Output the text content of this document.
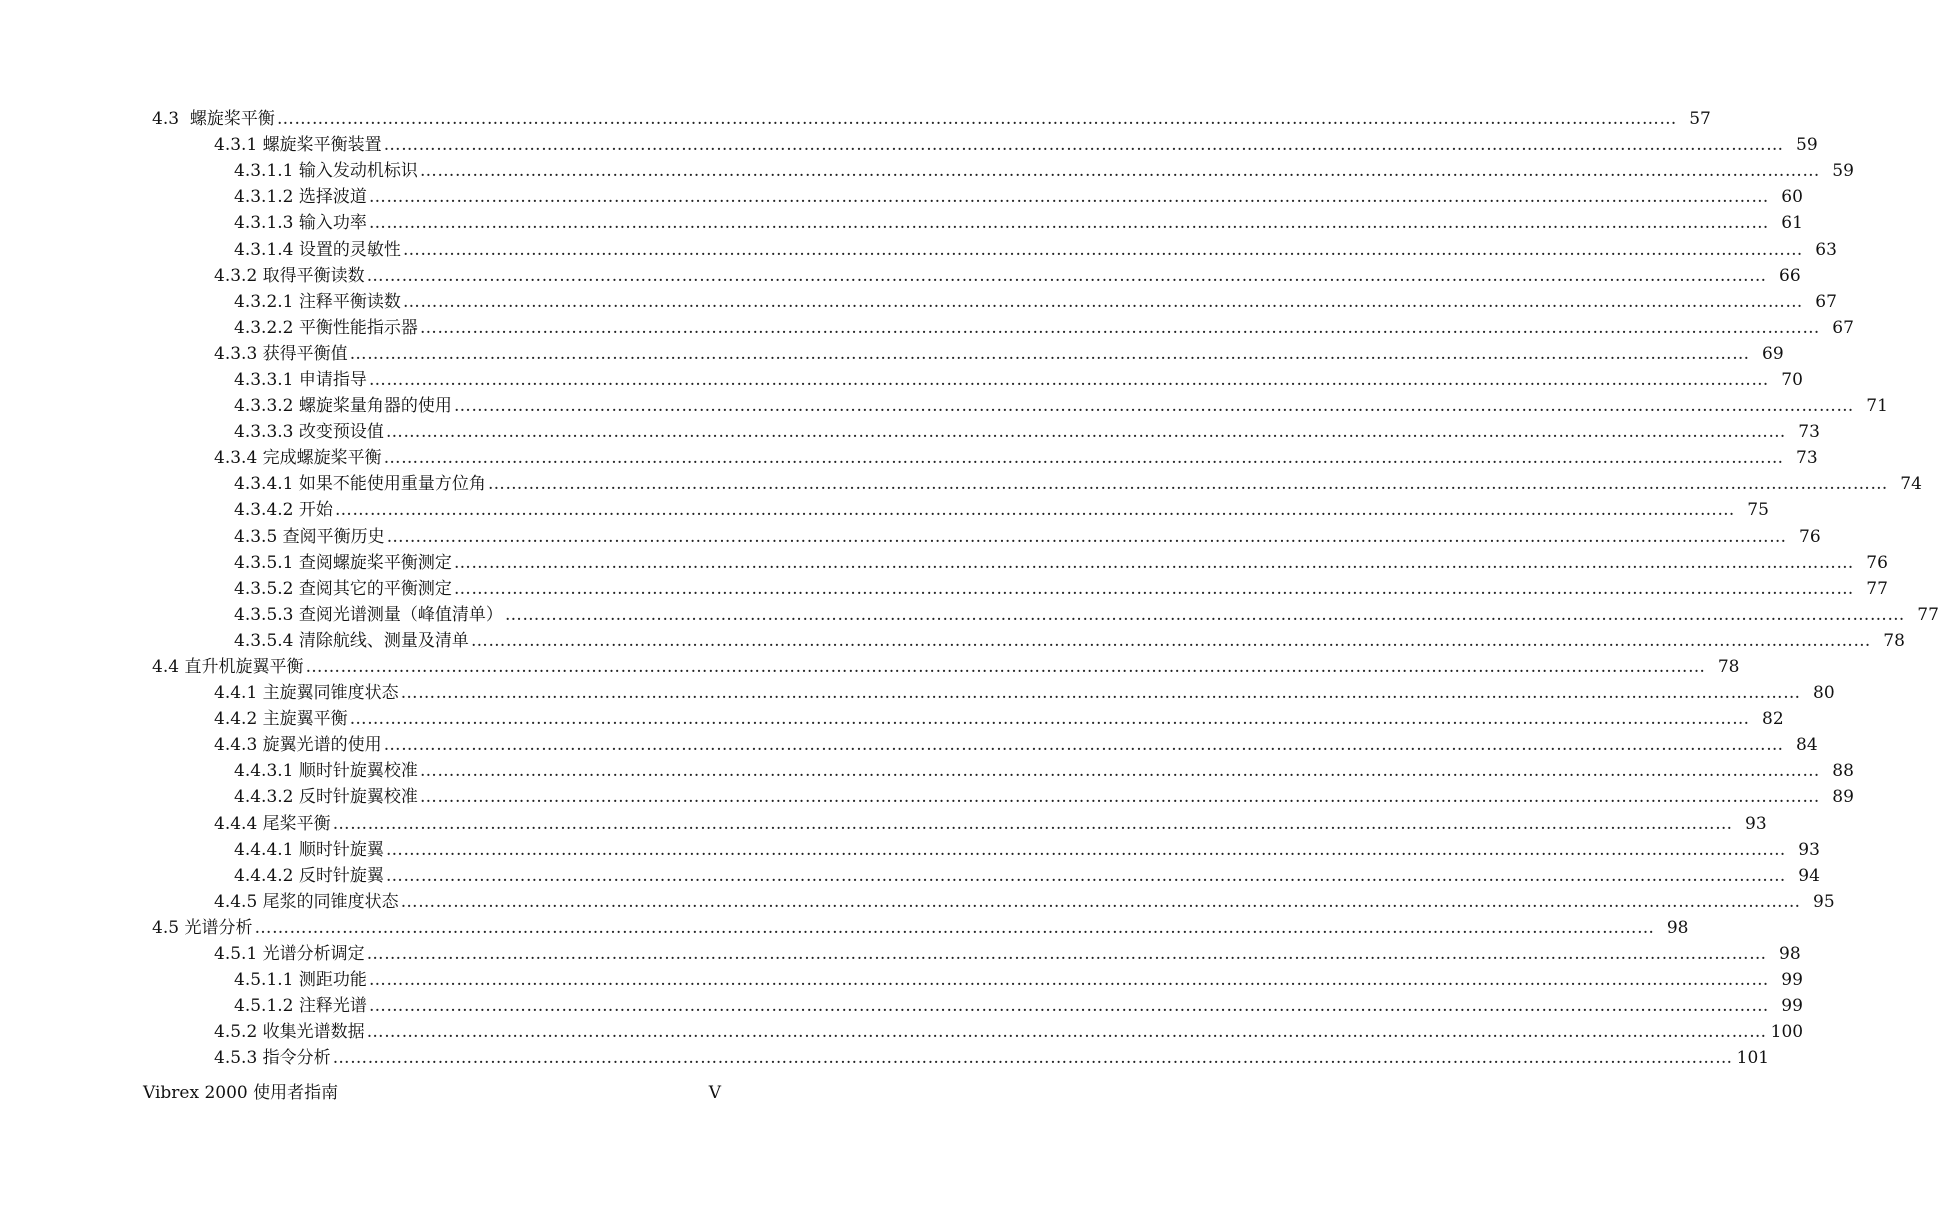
4.3  螺旋桨平衡 …………………………………………………………………………………………………………………………………………………………………………………………………………………… 57
4.3.1 螺旋桨平衡装置 …………………………………………………………………………………………………………………………………………………………………………………………………………………… 59
4.3.1.1 输入发动机标识 …………………………………………………………………………………………………………………………………………………………………………………………………………………… 59
4.3.1.2 选择波道 …………………………………………………………………………………………………………………………………………………………………………………………………………………… 60
4.3.1.3 输入功率 …………………………………………………………………………………………………………………………………………………………………………………………………………………… 61
4.3.1.4 设置的灵敏性 …………………………………………………………………………………………………………………………………………………………………………………………………………………… 63
4.3.2 取得平衡读数 …………………………………………………………………………………………………………………………………………………………………………………………………………………… 66
4.3.2.1 注释平衡读数 …………………………………………………………………………………………………………………………………………………………………………………………………………………… 67
4.3.2.2 平衡性能指示器 …………………………………………………………………………………………………………………………………………………………………………………………………………………… 67
4.3.3 获得平衡值 …………………………………………………………………………………………………………………………………………………………………………………………………………………… 69
4.3.3.1 申请指导 …………………………………………………………………………………………………………………………………………………………………………………………………………………… 70
4.3.3.2 螺旋桨量角器的使用 …………………………………………………………………………………………………………………………………………………………………………………………………………………… 71
4.3.3.3 改变预设值 …………………………………………………………………………………………………………………………………………………………………………………………………………………… 73
4.3.4 完成螺旋桨平衡 …………………………………………………………………………………………………………………………………………………………………………………………………………………… 73
4.3.4.1 如果不能使用重量方位角 …………………………………………………………………………………………………………………………………………………………………………………………………………………… 74
4.3.4.2 开始 …………………………………………………………………………………………………………………………………………………………………………………………………………………… 75
4.3.5 查阅平衡历史 …………………………………………………………………………………………………………………………………………………………………………………………………………………… 76
4.3.5.1 查阅螺旋桨平衡测定 …………………………………………………………………………………………………………………………………………………………………………………………………………………… 76
4.3.5.2 查阅其它的平衡测定 …………………………………………………………………………………………………………………………………………………………………………………………………………………… 77
4.3.5.3 查阅光谱测量（峰值清单） …………………………………………………………………………………………………………………………………………………………………………………………………………………… 77
4.3.5.4 清除航线、测量及清单 …………………………………………………………………………………………………………………………………………………………………………………………………………………… 78
4.4 直升机旋翼平衡 …………………………………………………………………………………………………………………………………………………………………………………………………………………… 78
4.4.1 主旋翼同锥度状态 …………………………………………………………………………………………………………………………………………………………………………………………………………………… 80
4.4.2 主旋翼平衡 …………………………………………………………………………………………………………………………………………………………………………………………………………………… 82
4.4.3 旋翼光谱的使用 …………………………………………………………………………………………………………………………………………………………………………………………………………………… 84
4.4.3.1 顺时针旋翼校准 …………………………………………………………………………………………………………………………………………………………………………………………………………………… 88
4.4.3.2 反时针旋翼校准 …………………………………………………………………………………………………………………………………………………………………………………………………………………… 89
4.4.4 尾桨平衡 …………………………………………………………………………………………………………………………………………………………………………………………………………………… 93
4.4.4.1 顺时针旋翼 …………………………………………………………………………………………………………………………………………………………………………………………………………………… 93
4.4.4.2 反时针旋翼 …………………………………………………………………………………………………………………………………………………………………………………………………………………… 94
4.4.5 尾浆的同锥度状态 …………………………………………………………………………………………………………………………………………………………………………………………………………………… 95
4.5 光谱分析 …………………………………………………………………………………………………………………………………………………………………………………………………………………… 98
4.5.1 光谱分析调定 …………………………………………………………………………………………………………………………………………………………………………………………………………………… 98
4.5.1.1 测距功能 …………………………………………………………………………………………………………………………………………………………………………………………………………………… 99
4.5.1.2 注释光谱 …………………………………………………………………………………………………………………………………………………………………………………………………………………… 99
4.5.2 收集光谱数据 …………………………………………………………………………………………………………………………………………………………………………………………………………………… 100
4.5.3 指令分析 …………………………………………………………………………………………………………………………………………………………………………………………………………………… 101
Vibrex 2000 使用者指南	V
